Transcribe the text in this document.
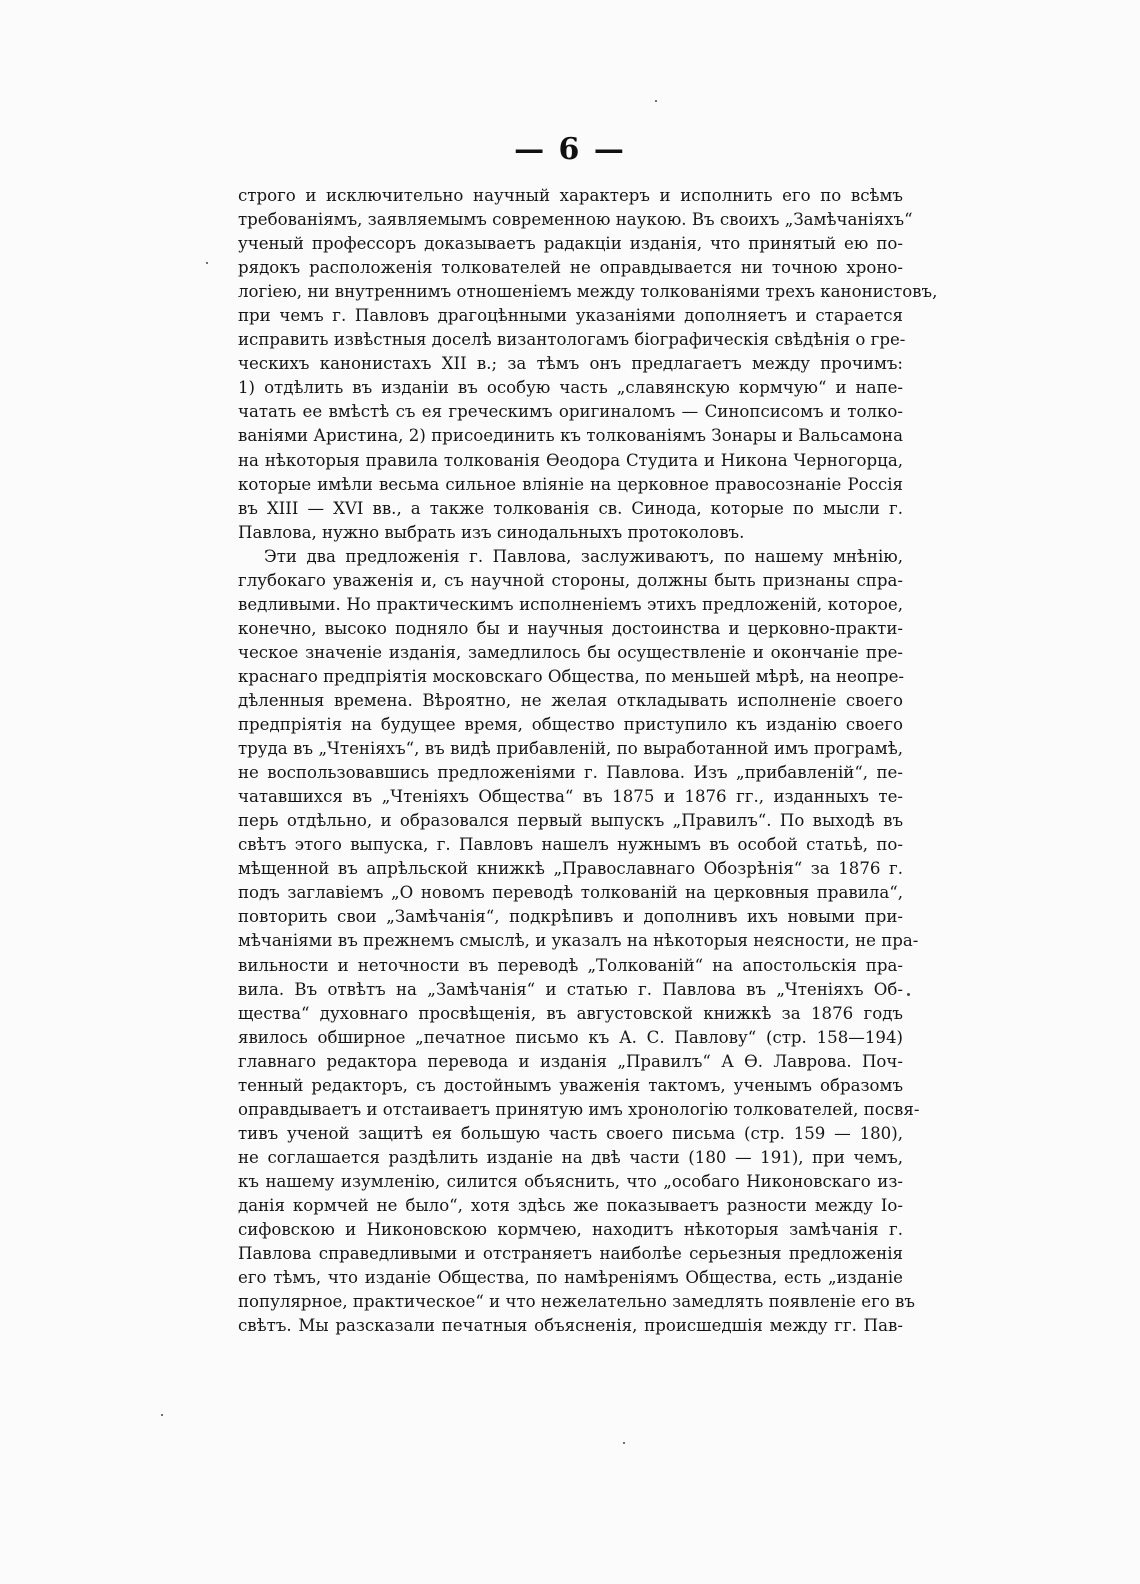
— 6 —
строго и исключительно научный характеръ и исполнить его по всѣмъ
требованіямъ, заявляемымъ современною наукою. Въ своихъ „Замѣчаніяхъ“
ученый профессоръ доказываетъ радакціи изданія, что принятый ею по-
рядокъ расположенія толкователей не оправдывается ни точною хроно-
логіею, ни внутреннимъ отношеніемъ между толкованіями трехъ канонистовъ,
при чемъ г. Павловъ драгоцѣнными указаніями дополняетъ и старается
исправить извѣстныя доселѣ византологамъ біографическія свѣдѣнія о гре-
ческихъ канонистахъ XII в.; за тѣмъ онъ предлагаетъ между прочимъ:
1) отдѣлить въ изданіи въ особую часть „славянскую кормчую“ и напе-
чатать ее вмѣстѣ съ ея греческимъ оригиналомъ — Синопсисомъ и толко-
ваніями Аристина, 2) присоединить къ толкованіямъ Зонары и Вальсамона
на нѣкоторыя правила толкованія Ѳеодора Студита и Никона Черногорца,
которые имѣли весьма сильное вліяніе на церковное правосознаніе Россія
въ XIII — XVI вв., а также толкованія св. Синода, которые по мысли г.
Павлова, нужно выбрать изъ синодальныхъ протоколовъ.
Эти два предложенія г. Павлова, заслуживаютъ, по нашему мнѣнію,
глубокаго уваженія и, съ научной стороны, должны быть признаны спра-
ведливыми. Но практическимъ исполненіемъ этихъ предложеній, которое,
конечно, высоко подняло бы и научныя достоинства и церковно-практи-
ческое значеніе изданія, замедлилось бы осуществленіе и окончаніе пре-
краснаго предпріятія московскаго Общества, по меньшей мѣрѣ, на неопре-
дѣленныя времена. Вѣроятно, не желая откладывать исполненіе своего
предпріятія на будущее время, общество приступило къ изданію своего
труда въ „Чтеніяхъ“, въ видѣ прибавленій, по выработанной имъ програмѣ,
не воспользовавшись предложеніями г. Павлова. Изъ „прибавленій“, пе-
чатавшихся въ „Чтеніяхъ Общества“ въ 1875 и 1876 гг., изданныхъ те-
перь отдѣльно, и образовался первый выпускъ „Правилъ“. По выходѣ въ
свѣтъ этого выпуска, г. Павловъ нашелъ нужнымъ въ особой статьѣ, по-
мѣщенной въ апрѣльской книжкѣ „Православнаго Обозрѣнія“ за 1876 г.
подъ заглавіемъ „О новомъ переводѣ толкованій на церковныя правила“,
повторить свои „Замѣчанія“, подкрѣпивъ и дополнивъ ихъ новыми при-
мѣчаніями въ прежнемъ смыслѣ, и указалъ на нѣкоторыя неясности, не пра-
вильности и неточности въ переводѣ „Толкованій“ на апостольскія пра-
вила. Въ отвѣтъ на „Замѣчанія“ и статью г. Павлова въ „Чтеніяхъ Об-
щества“ духовнаго просвѣщенія, въ августовской книжкѣ за 1876 годъ
явилось обширное „печатное письмо къ А. С. Павлову“ (стр. 158—194)
главнаго редактора перевода и изданія „Правилъ“ А Ѳ. Лаврова. Поч-
тенный редакторъ, съ достойнымъ уваженія тактомъ, ученымъ образомъ
оправдываетъ и отстаиваетъ принятую имъ хронологію толкователей, посвя-
тивъ ученой защитѣ ея большую часть своего письма (стр. 159 — 180),
не соглашается раздѣлить изданіе на двѣ части (180 — 191), при чемъ,
къ нашему изумленію, силится объяснить, что „особаго Никоновскаго из-
данія кормчей не было“, хотя здѣсь же показываетъ разности между Іо-
сифовскою и Никоновскою кормчею, находитъ нѣкоторыя замѣчанія г.
Павлова справедливыми и отстраняетъ наиболѣе серьезныя предложенія
его тѣмъ, что изданіе Общества, по намѣреніямъ Общества, есть „изданіе
популярное, практическое“ и что нежелательно замедлять появленіе его въ
свѣтъ. Мы разсказали печатныя объясненія, происшедшія между гг. Пав-
